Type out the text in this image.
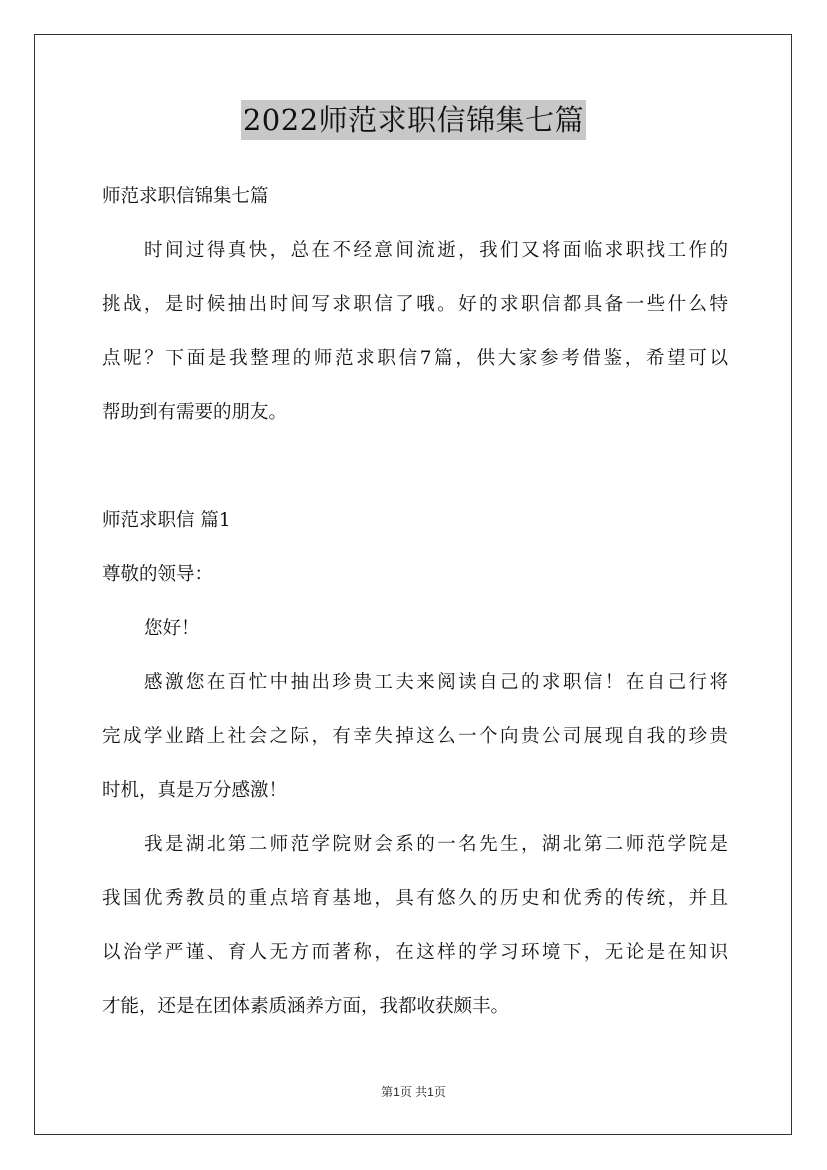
2022师范求职信锦集七篇
师范求职信锦集七篇
时间过得真快，总在不经意间流逝，我们又将面临求职找工作的
挑战，是时候抽出时间写求职信了哦。好的求职信都具备一些什么特
点呢？下面是我整理的师范求职信7篇，供大家参考借鉴，希望可以
帮助到有需要的朋友。
师范求职信 篇1
尊敬的领导：
您好！
感激您在百忙中抽出珍贵工夫来阅读自己的求职信！在自己行将
完成学业踏上社会之际，有幸失掉这么一个向贵公司展现自我的珍贵
时机，真是万分感激！
我是湖北第二师范学院财会系的一名先生，湖北第二师范学院是
我国优秀教员的重点培育基地，具有悠久的历史和优秀的传统，并且
以治学严谨、育人无方而著称，在这样的学习环境下，无论是在知识
才能，还是在团体素质涵养方面，我都收获颇丰。
第1页 共1页
